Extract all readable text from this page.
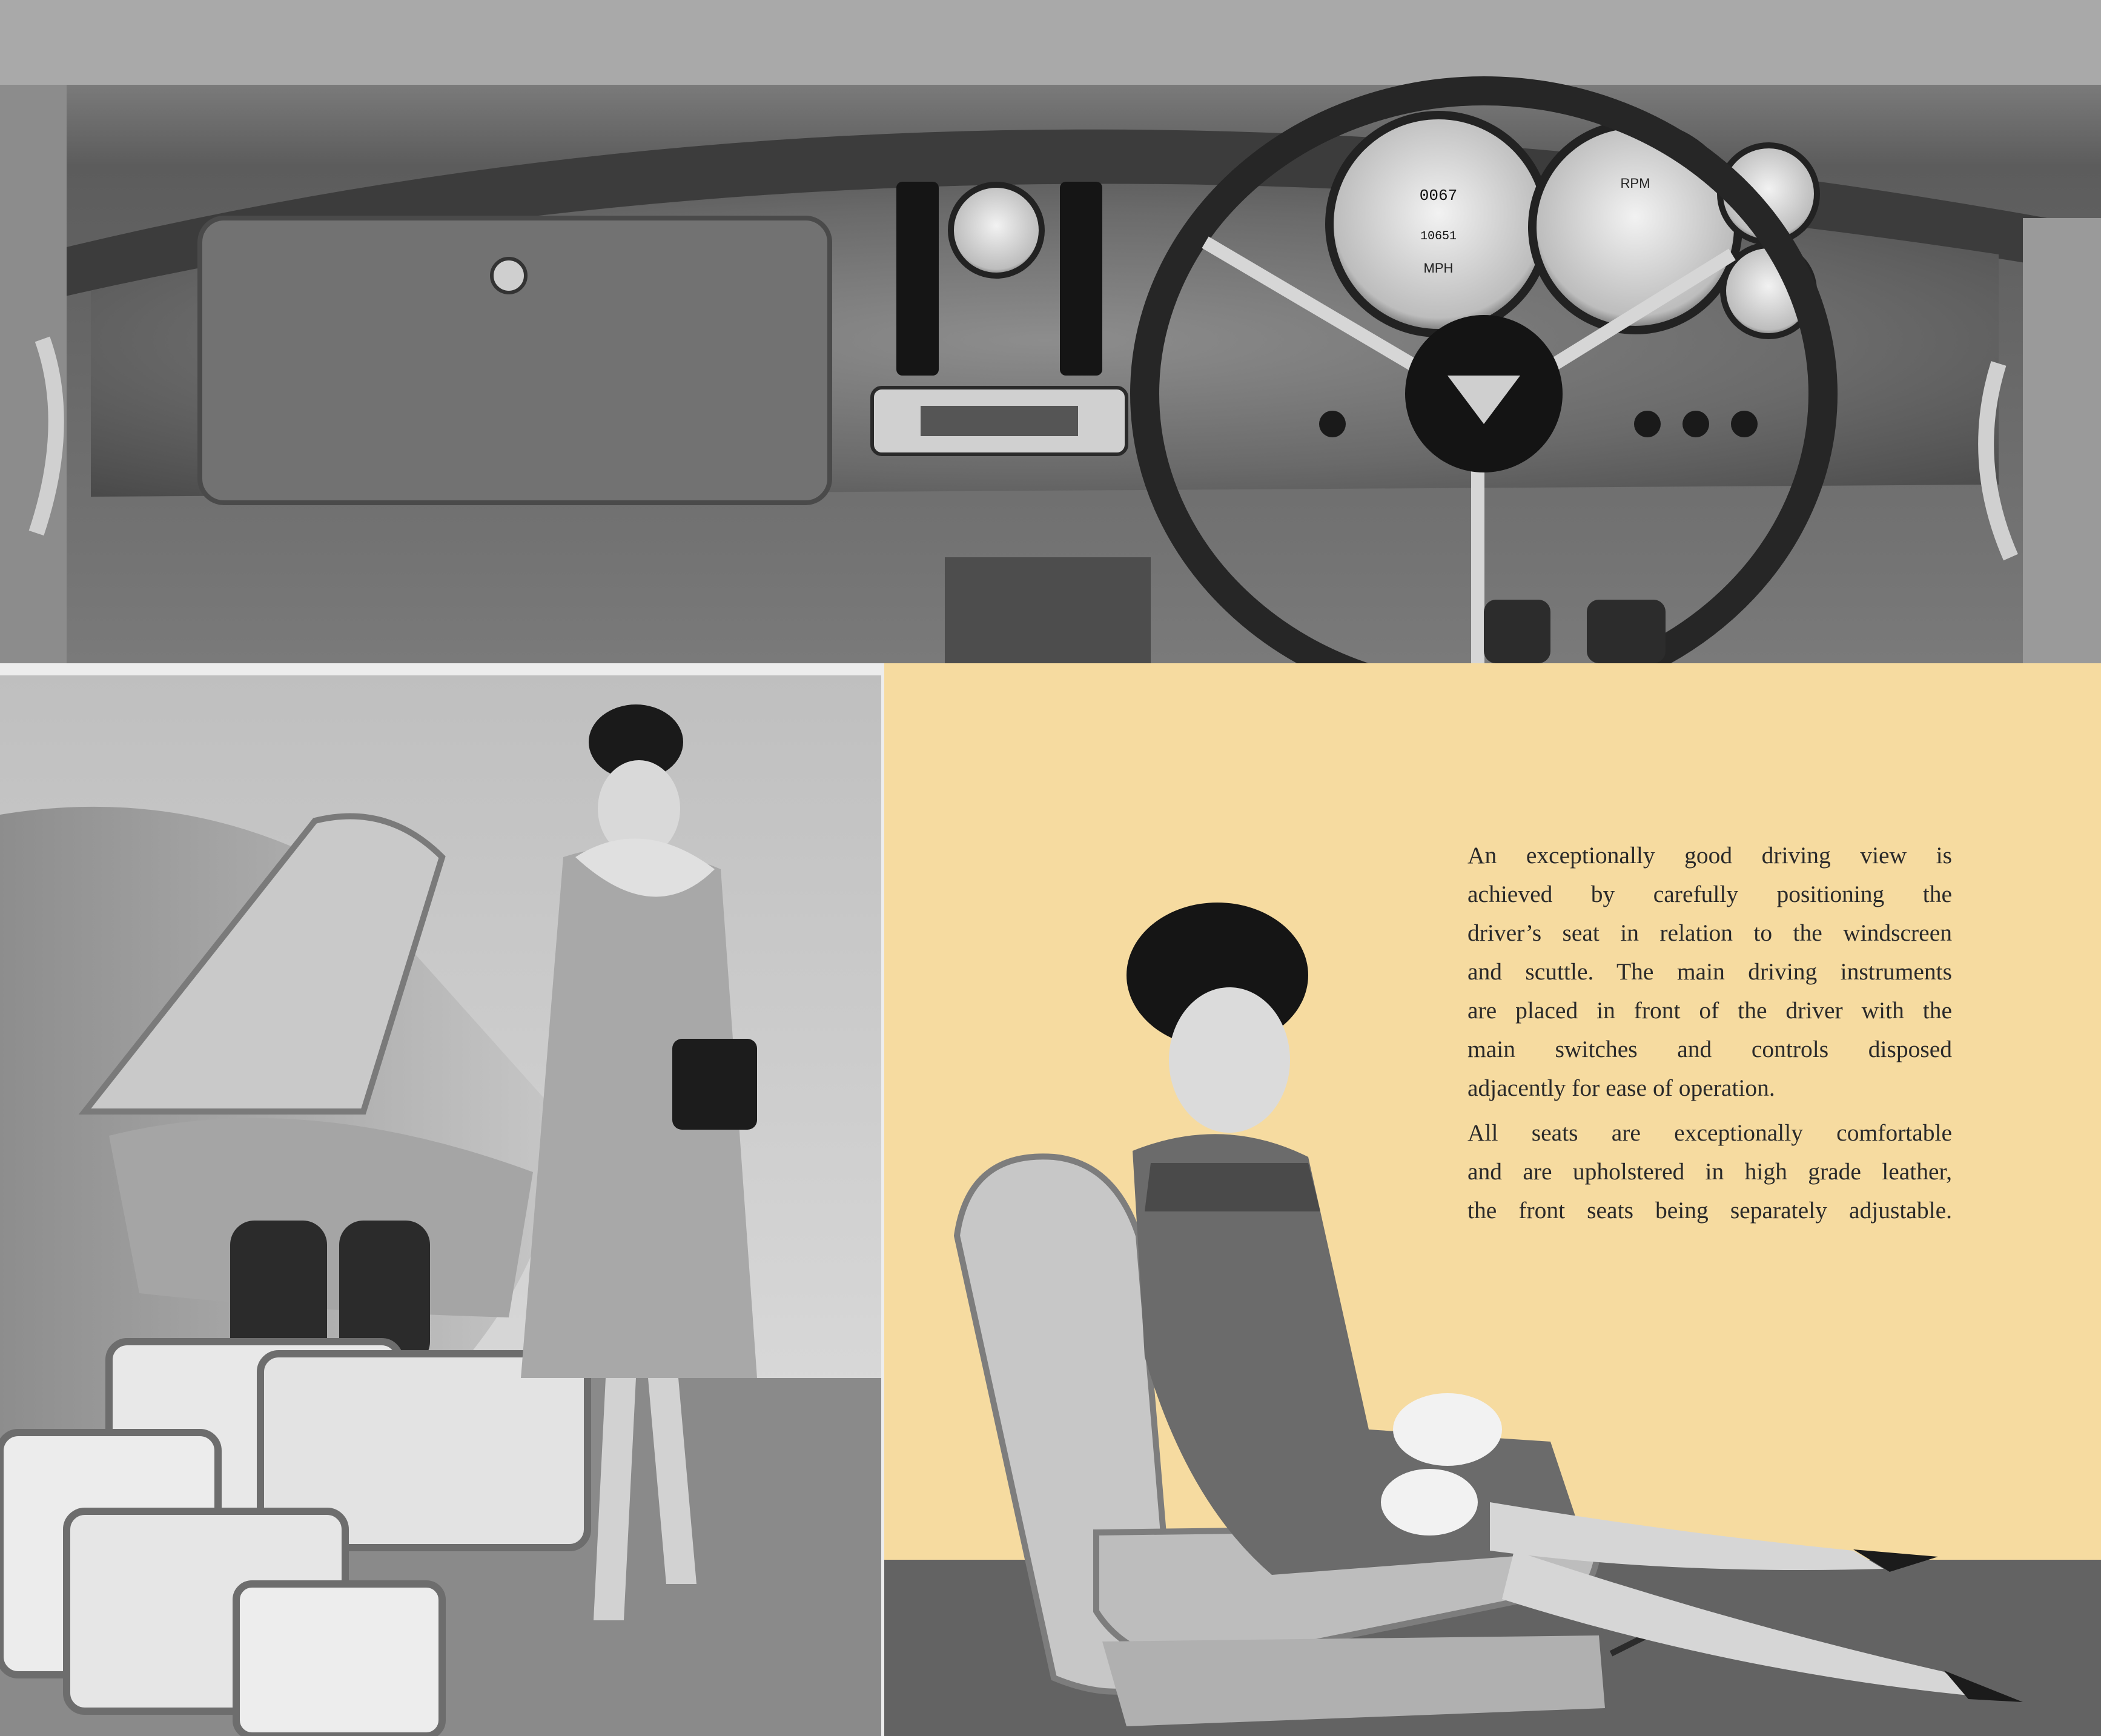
MPH
RPM
0067
10651

An exceptionally good driving view is
achieved by carefully positioning the
driver’s seat in relation to the windscreen
and scuttle. The main driving instruments
are placed in front of the driver with the
main switches and controls disposed
adjacently for ease of operation.

All seats are exceptionally comfortable
and are upholstered in high grade leather,
the front seats being separately adjustable.
